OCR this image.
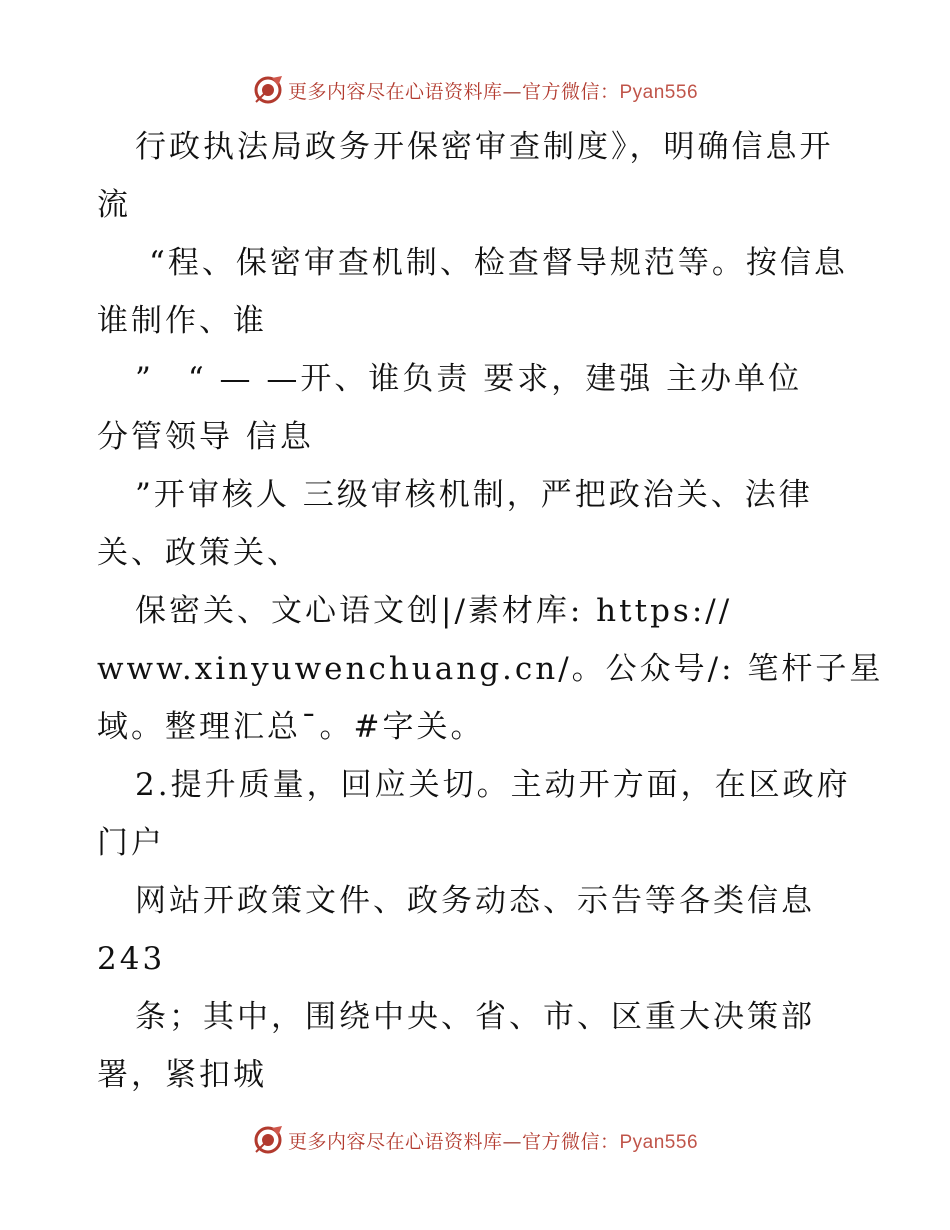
更多内容尽在心语资料库—官方微信：Pyan556
行政执法局政务开保密审查制度》，明确信息开
流
“程、保密审查机制、检查督导规范等。按信息
谁制作、谁
”　“ — —开、谁负责 要求，建强 主办单位
分管领导 信息
”开审核人 三级审核机制，严把政治关、法律
关、政策关、
保密关、文心语文创|/素材库: https://
www.xinyuwenchuang.cn/。公众号/: 笔杆子星
域。整理汇总¯。#字关。
2.提升质量，回应关切。主动开方面，在区政府
门户
网站开政策文件、政务动态、示告等各类信息
243
条；其中，围绕中央、省、市、区重大决策部
署，紧扣城
更多内容尽在心语资料库—官方微信：Pyan556
